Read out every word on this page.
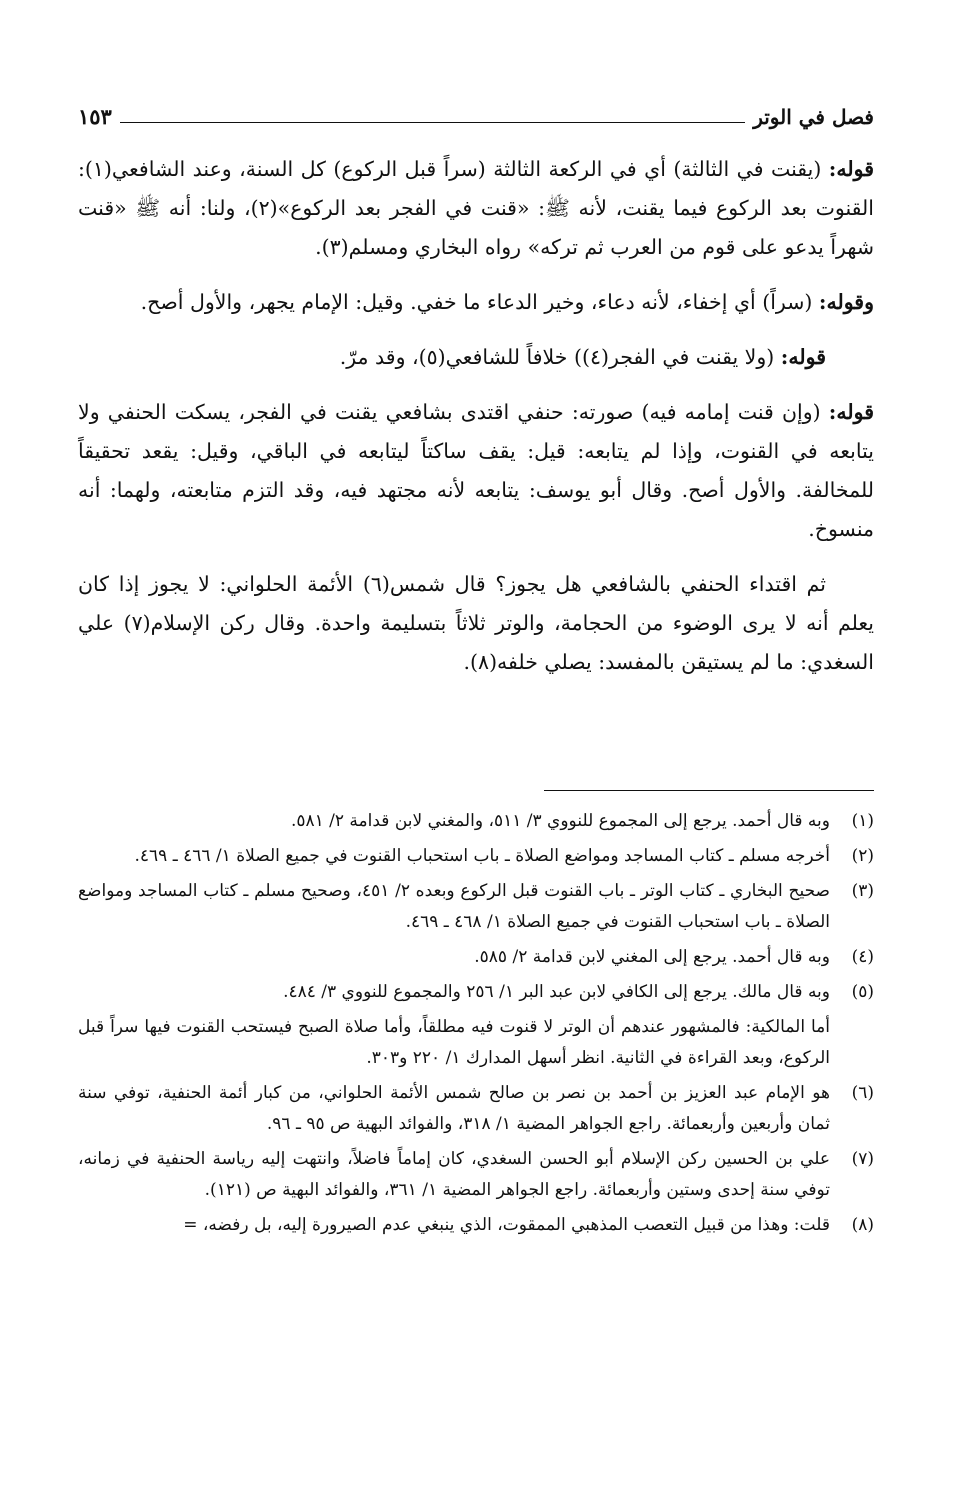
فصل في الوتر
١٥٣

قوله: (يقنت في الثالثة) أي في الركعة الثالثة (سراً قبل الركوع) كل السنة، وعند الشافعي(١): القنوت بعد الركوع فيما يقنت، لأنه ﷺ: «قنت في الفجر بعد الركوع»(٢)، ولنا: أنه ﷺ «قنت شهراً يدعو على قوم من العرب ثم تركه» رواه البخاري ومسلم(٣).

وقوله: (سراً) أي إخفاء، لأنه دعاء، وخير الدعاء ما خفي. وقيل: الإمام يجهر، والأول أصح.

قوله: (ولا يقنت في الفجر(٤)) خلافاً للشافعي(٥)، وقد مرّ.

قوله: (وإن قنت إمامه فيه) صورته: حنفي اقتدى بشافعي يقنت في الفجر، يسكت الحنفي ولا يتابعه في القنوت، وإذا لم يتابعه: قيل: يقف ساكتاً ليتابعه في الباقي، وقيل: يقعد تحقيقاً للمخالفة. والأول أصح. وقال أبو يوسف: يتابعه لأنه مجتهد فيه، وقد التزم متابعته، ولهما: أنه منسوخ.

ثم اقتداء الحنفي بالشافعي هل يجوز؟ قال شمس(٦) الأئمة الحلواني: لا يجوز إذا كان يعلم أنه لا يرى الوضوء من الحجامة، والوتر ثلاثاً بتسليمة واحدة. وقال ركن الإسلام(٧) علي السغدي: ما لم يستيقن بالمفسد: يصلي خلفه(٨).

(١)
وبه قال أحمد. يرجع إلى المجموع للنووي ٣/ ٥١١، والمغني لابن قدامة ٢/ ٥٨١.
(٢)
أخرجه مسلم ـ كتاب المساجد ومواضع الصلاة ـ باب استحباب القنوت في جميع الصلاة ١/ ٤٦٦ ـ ٤٦٩.
(٣)
صحيح البخاري ـ كتاب الوتر ـ باب القنوت قبل الركوع وبعده ٢/ ٤٥١، وصحيح مسلم ـ كتاب المساجد ومواضع الصلاة ـ باب استحباب القنوت في جميع الصلاة ١/ ٤٦٨ ـ ٤٦٩.
(٤)
وبه قال أحمد. يرجع إلى المغني لابن قدامة ٢/ ٥٨٥.
(٥)
وبه قال مالك. يرجع إلى الكافي لابن عبد البر ١/ ٢٥٦ والمجموع للنووي ٣/ ٤٨٤.
أما المالكية: فالمشهور عندهم أن الوتر لا قنوت فيه مطلقاً، وأما صلاة الصبح فيستحب القنوت فيها سراً قبل الركوع، وبعد القراءة في الثانية. انظر أسهل المدارك ١/ ٢٢٠ و٣٠٣.
(٦)
هو الإمام عبد العزيز بن أحمد بن نصر بن صالح شمس الأئمة الحلواني، من كبار أئمة الحنفية، توفي سنة ثمان وأربعين وأربعمائة. راجع الجواهر المضية ١/ ٣١٨، والفوائد البهية ص ٩٥ ـ ٩٦.
(٧)
علي بن الحسين ركن الإسلام أبو الحسن السغدي، كان إماماً فاضلاً، وانتهت إليه رياسة الحنفية في زمانه، توفي سنة إحدى وستين وأربعمائة. راجع الجواهر المضية ١/ ٣٦١، والفوائد البهية ص (١٢١).
(٨)
قلت: وهذا من قبيل التعصب المذهبي الممقوت، الذي ينبغي عدم الصيرورة إليه، بل رفضه، =
